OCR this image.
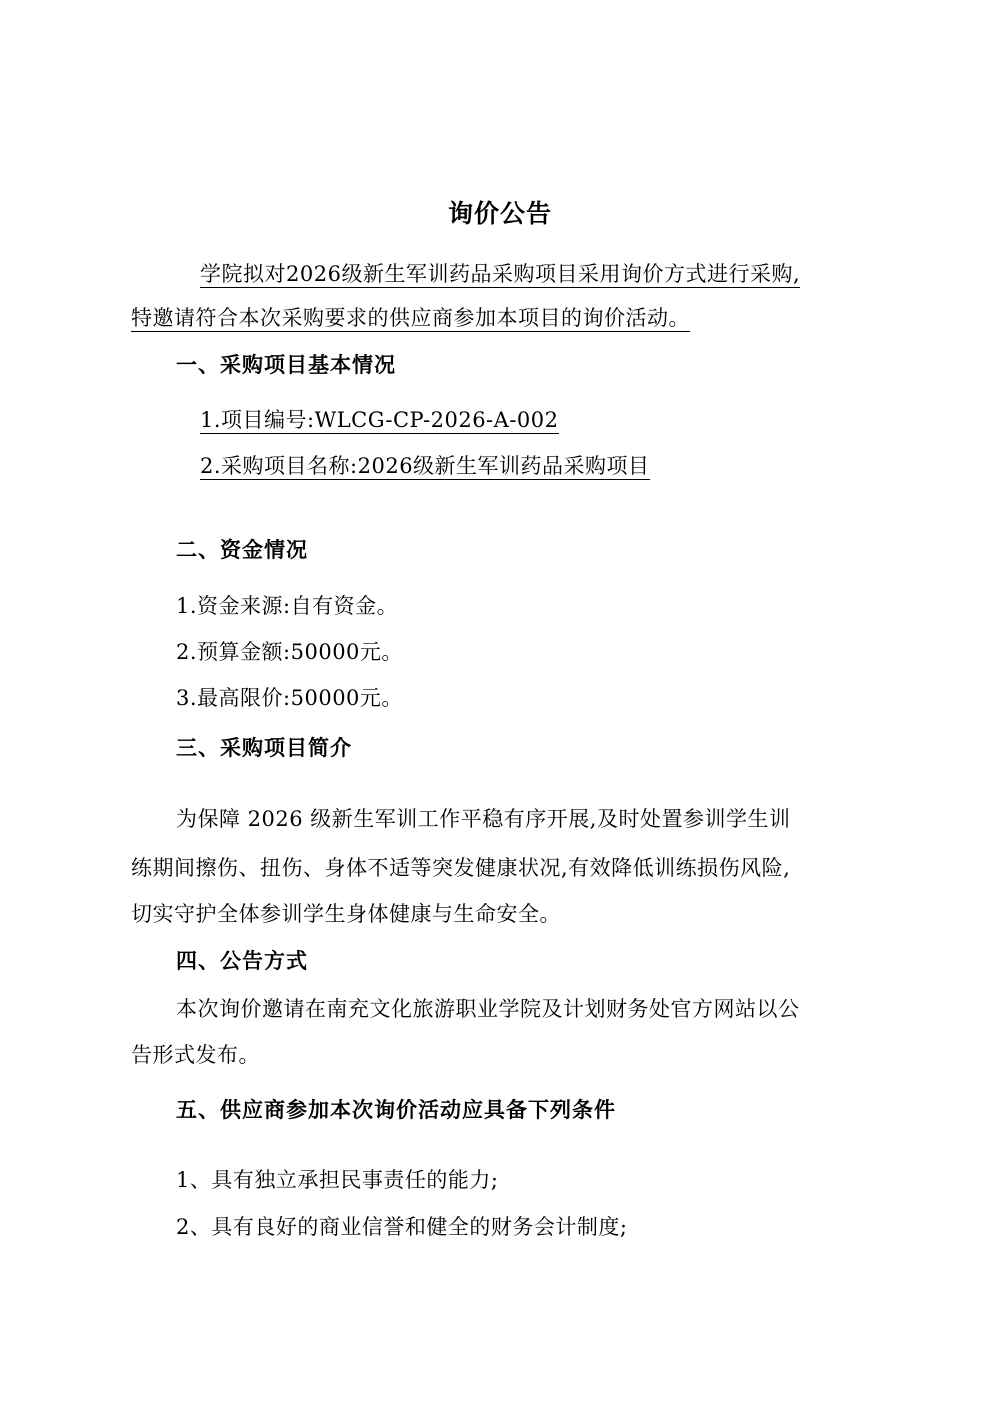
询价公告
学院拟对2026级新生军训药品采购项目采用询价方式进行采购,
特邀请符合本次采购要求的供应商参加本项目的询价活动。
一、采购项目基本情况
1.项目编号:WLCG-CP-2026-A-002
2.采购项目名称:2026级新生军训药品采购项目
二、资金情况
1.资金来源:自有资金。
2.预算金额:50000元。
3.最高限价:50000元。
三、采购项目简介
为保障 2026 级新生军训工作平稳有序开展,及时处置参训学生训
练期间擦伤、扭伤、身体不适等突发健康状况,有效降低训练损伤风险,
切实守护全体参训学生身体健康与生命安全。
四、公告方式
本次询价邀请在南充文化旅游职业学院及计划财务处官方网站以公
告形式发布。
五、供应商参加本次询价活动应具备下列条件
1、具有独立承担民事责任的能力;
2、具有良好的商业信誉和健全的财务会计制度;
